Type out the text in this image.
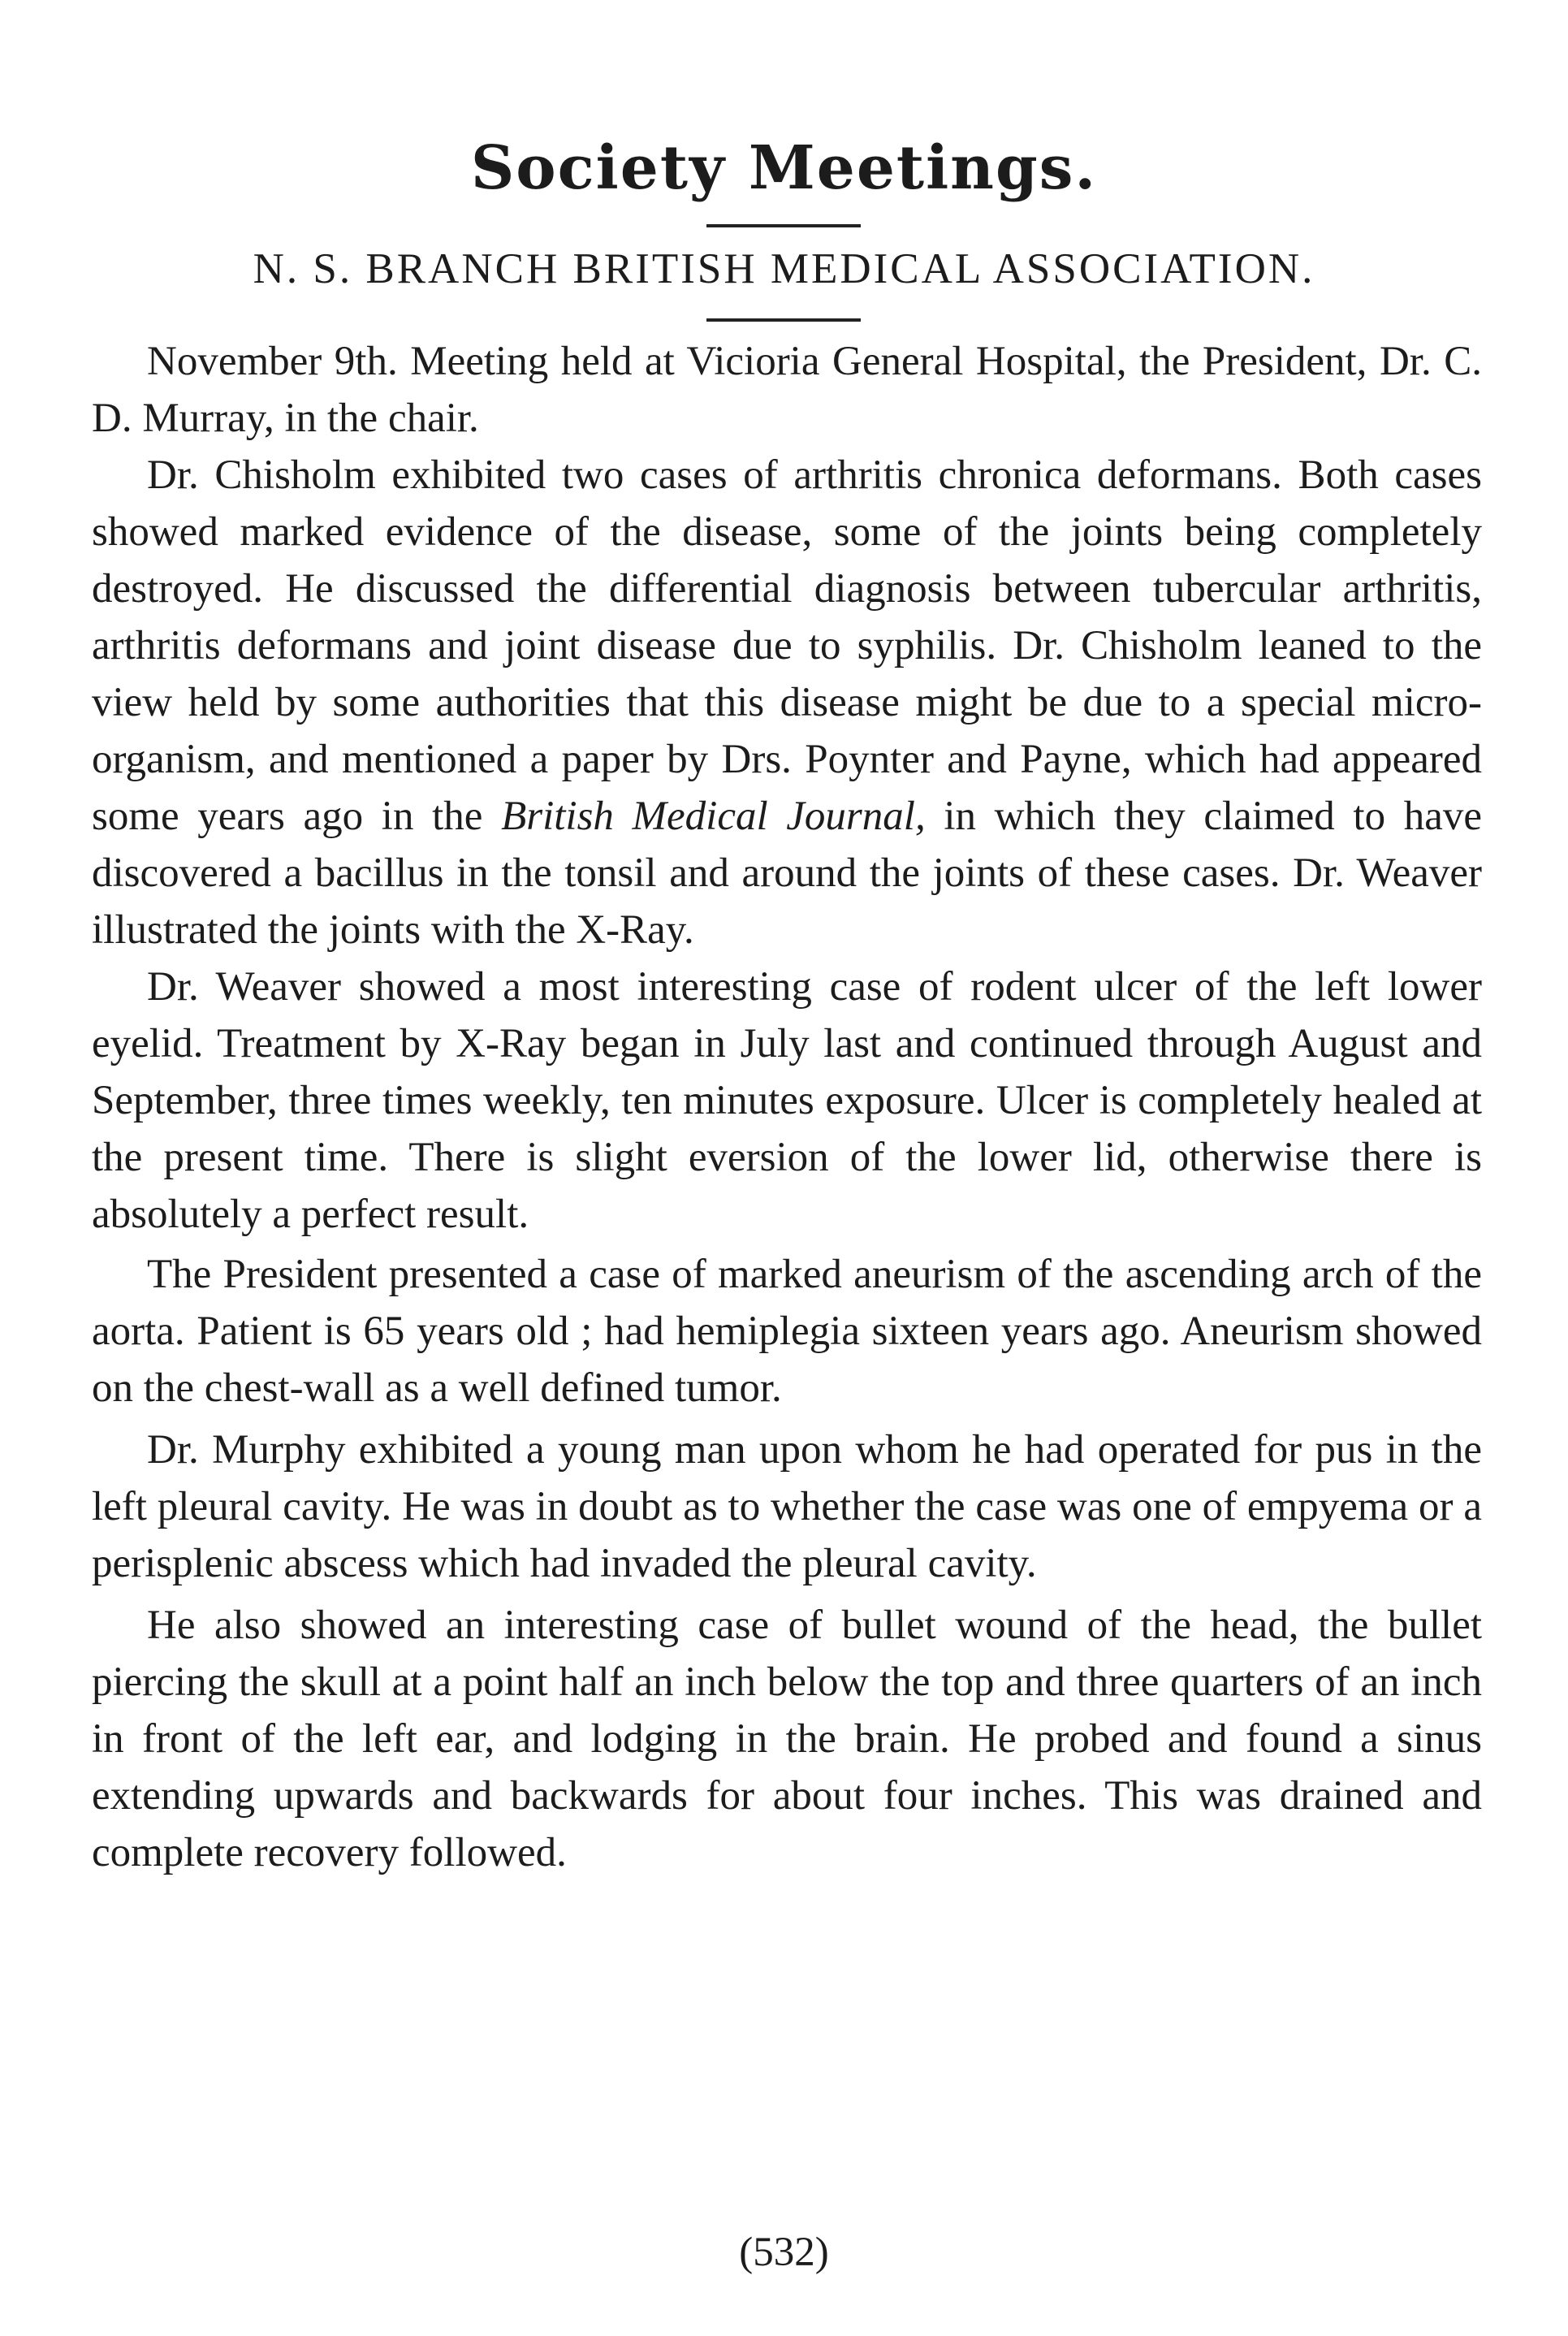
Society Meetings.
N. S. BRANCH BRITISH MEDICAL ASSOCIATION.

November 9th. Meeting held at Vicioria General Hospital, the President, Dr. C. D. Murray, in the chair.

Dr. Chisholm exhibited two cases of arthritis chronica deformans. Both cases showed marked evidence of the disease, some of the joints being completely destroyed. He discussed the differential diagnosis between tubercular arthritis, arthritis deformans and joint disease due to syphilis. Dr. Chisholm leaned to the view held by some authorities that this disease might be due to a special micro-organism, and mentioned a paper by Drs. Poynter and Payne, which had appeared some years ago in the British Medical Journal, in which they claimed to have discovered a bacillus in the tonsil and around the joints of these cases. Dr. Weaver illustrated the joints with the X-Ray.

Dr. Weaver showed a most interesting case of rodent ulcer of the left lower eyelid. Treatment by X-Ray began in July last and continued through August and September, three times weekly, ten minutes exposure. Ulcer is completely healed at the present time. There is slight eversion of the lower lid, otherwise there is absolutely a perfect result.

The President presented a case of marked aneurism of the ascending arch of the aorta. Patient is 65 years old ; had hemiplegia sixteen years ago. Aneurism showed on the chest-wall as a well defined tumor.

Dr. Murphy exhibited a young man upon whom he had operated for pus in the left pleural cavity. He was in doubt as to whether the case was one of empyema or a perisplenic abscess which had invaded the pleural cavity.

He also showed an interesting case of bullet wound of the head, the bullet piercing the skull at a point half an inch below the top and three quarters of an inch in front of the left ear, and lodging in the brain. He probed and found a sinus extending upwards and backwards for about four inches. This was drained and complete recovery followed.

(532)
